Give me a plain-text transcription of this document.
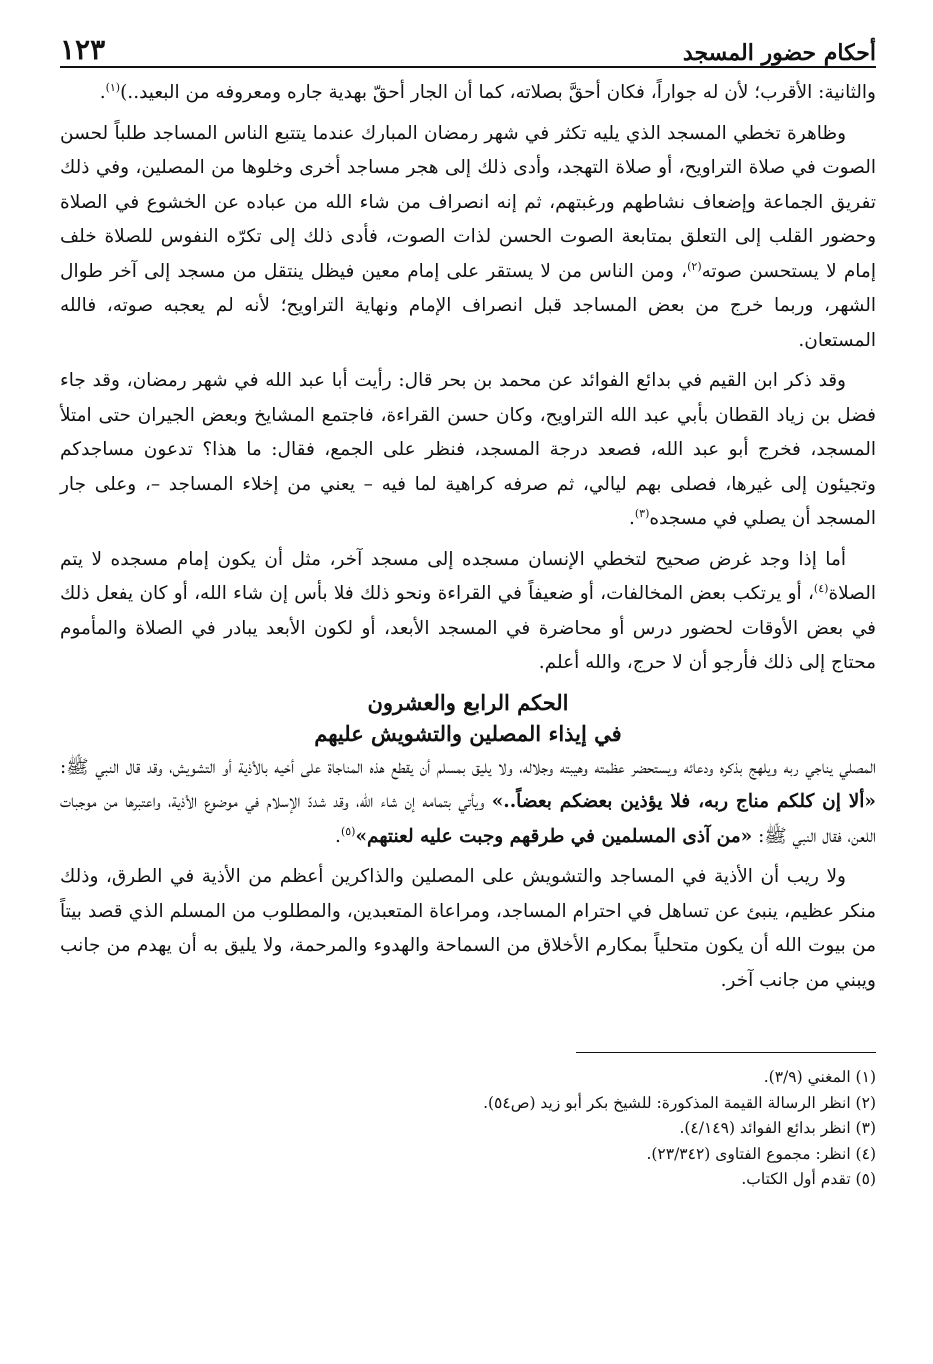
أحكام حضور المسجد
١٢٣

والثانية: الأقرب؛ لأن له جواراً، فكان أحقَّ بصلاته، كما أن الجار أحقّ بهدية جاره ومعروفه من البعيد..)$^{(١)}$.

وظاهرة تخطي المسجد الذي يليه تكثر في شهر رمضان المبارك عندما يتتبع الناس المساجد طلباً لحسن الصوت في صلاة التراويح، أو صلاة التهجد، وأدى ذلك إلى هجر مساجد أخرى وخلوها من المصلين، وفي ذلك تفريق الجماعة وإضعاف نشاطهم ورغبتهم، ثم إنه انصراف من شاء الله من عباده عن الخشوع في الصلاة وحضور القلب إلى التعلق بمتابعة الصوت الحسن لذات الصوت، فأدى ذلك إلى تكرّه النفوس للصلاة خلف إمام لا يستحسن صوته$^{(٢)}$، ومن الناس من لا يستقر على إمام معين فيظل ينتقل من مسجد إلى آخر طوال الشهر، وربما خرج من بعض المساجد قبل انصراف الإمام ونهاية التراويح؛ لأنه لم يعجبه صوته، فالله المستعان.

وقد ذكر ابن القيم في بدائع الفوائد عن محمد بن بحر قال: رأيت أبا عبد الله في شهر رمضان، وقد جاء فضل بن زياد القطان بأبي عبد الله التراويح، وكان حسن القراءة، فاجتمع المشايخ وبعض الجيران حتى امتلأ المسجد، فخرج أبو عبد الله، فصعد درجة المسجد، فنظر على الجمع، فقال: ما هذا؟ تدعون مساجدكم وتجيئون إلى غيرها، فصلى بهم ليالي، ثم صرفه كراهية لما فيه – يعني من إخلاء المساجد –، وعلى جار المسجد أن يصلي في مسجده$^{(٣)}$.

أما إذا وجد غرض صحيح لتخطي الإنسان مسجده إلى مسجد آخر، مثل أن يكون إمام مسجده لا يتم الصلاة$^{(٤)}$، أو يرتكب بعض المخالفات، أو ضعيفاً في القراءة ونحو ذلك فلا بأس إن شاء الله، أو كان يفعل ذلك في بعض الأوقات لحضور درس أو محاضرة في المسجد الأبعد، أو لكون الأبعد يبادر في الصلاة والمأموم محتاج إلى ذلك فأرجو أن لا حرج، والله أعلم.

الحكم الرابع والعشرون
في إيذاء المصلين والتشويش عليهم

المصلي يناجي ربه ويلهج بذكره ودعائه ويستحضر عظمته وهيبته وجلاله، ولا يليق بمسلم أن يقطع هذه المناجاة على أخيه بالأذية أو التشويش، وقد قال النبي ﷺ: «ألا إن كلكم مناج ربه، فلا يؤذين بعضكم بعضاً..» ويأتي بتمامه إن شاء الله، وقد شددّ الإسلام في موضوع الأذية، واعتبرها من موجبات اللعن، فقال النبي ﷺ: «من آذى المسلمين في طرقهم وجبت عليه لعنتهم»$^{(٥)}$.

ولا ريب أن الأذية في المساجد والتشويش على المصلين والذاكرين أعظم من الأذية في الطرق، وذلك منكر عظيم، ينبئ عن تساهل في احترام المساجد، ومراعاة المتعبدين، والمطلوب من المسلم الذي قصد بيتاً من بيوت الله أن يكون متحلياً بمكارم الأخلاق من السماحة والهدوء والمرحمة، ولا يليق به أن يهدم من جانب ويبني من جانب آخر.

(١) المغني (٣/٩).

(٢) انظر الرسالة القيمة المذكورة: للشيخ بكر أبو زيد (ص٥٤).

(٣) انظر بدائع الفوائد (٤/١٤٩).

(٤) انظر: مجموع الفتاوى (٢٣/٣٤٢).

(٥) تقدم أول الكتاب.
